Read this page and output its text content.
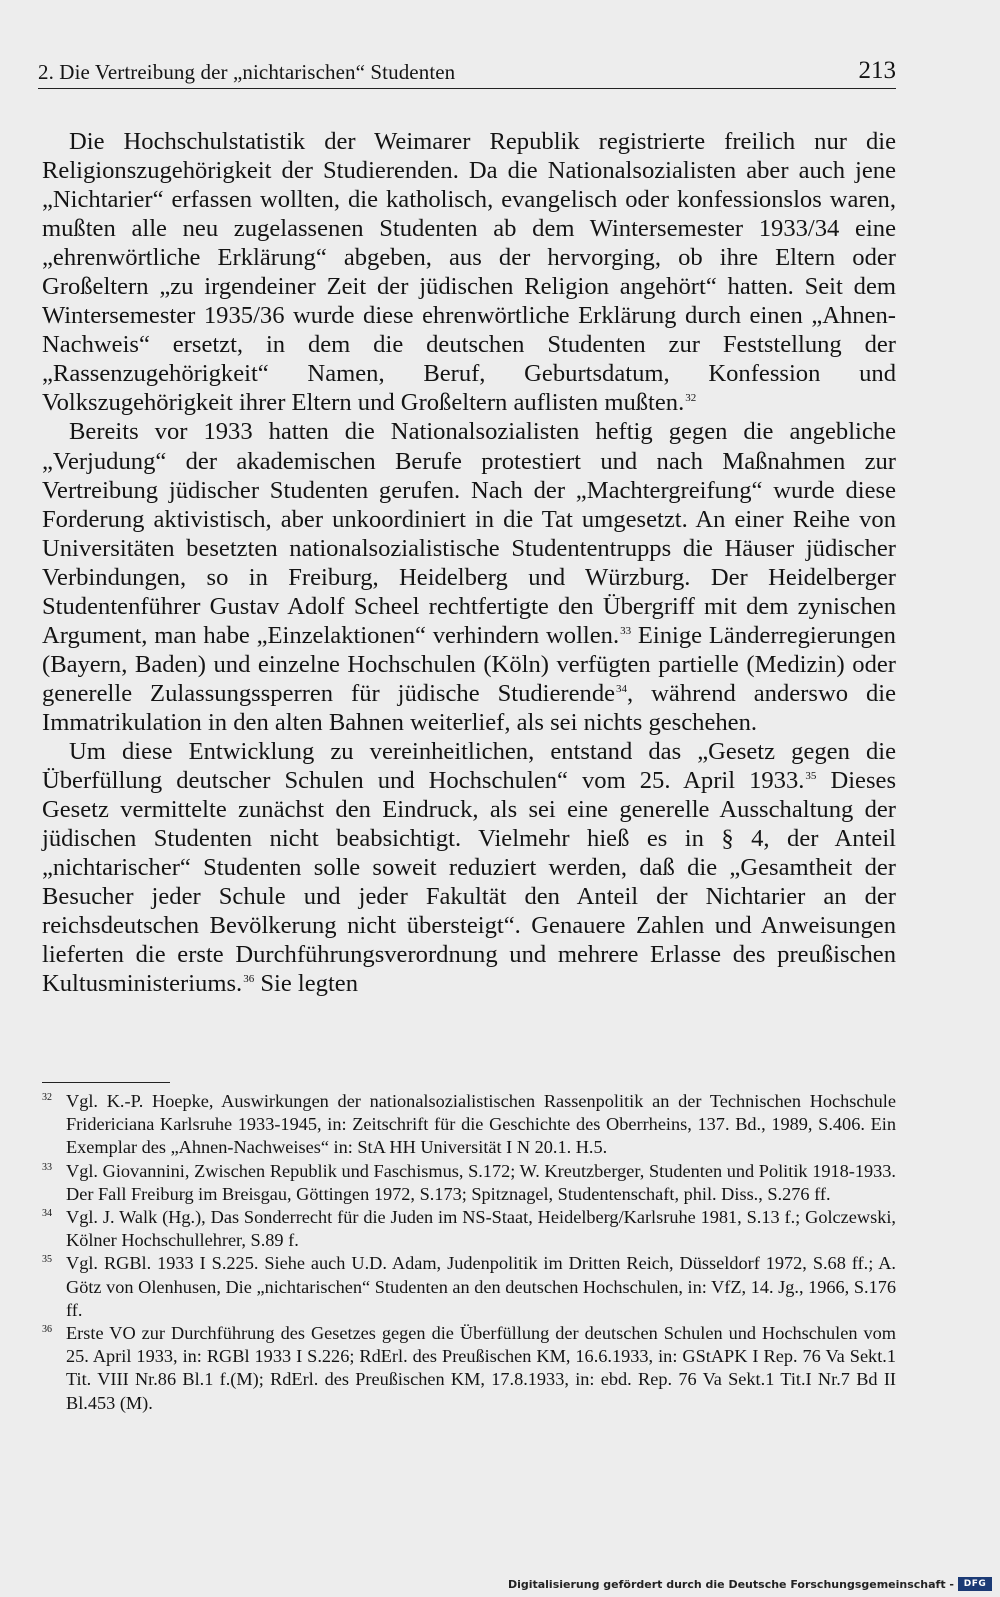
2. Die Vertreibung der „nichtarischen“ Studenten	213

Die Hochschulstatistik der Weimarer Republik registrierte freilich nur die Religionszugehörigkeit der Studierenden. Da die Nationalsozialisten aber auch jene „Nichtarier“ erfassen wollten, die katholisch, evangelisch oder konfessionslos waren, mußten alle neu zugelassenen Studenten ab dem Wintersemester 1933/34 eine „ehrenwörtliche Erklärung“ abgeben, aus der hervorging, ob ihre Eltern oder Großeltern „zu irgendeiner Zeit der jüdischen Religion angehört“ hatten. Seit dem Wintersemester 1935/36 wurde diese ehrenwörtliche Erklärung durch einen „Ahnen-Nachweis“ ersetzt, in dem die deutschen Studenten zur Feststellung der „Rassenzugehörigkeit“ Namen, Beruf, Geburtsdatum, Konfession und Volkszugehörigkeit ihrer Eltern und Großeltern auflisten mußten.$^{32}$

Bereits vor 1933 hatten die Nationalsozialisten heftig gegen die angebliche „Verjudung“ der akademischen Berufe protestiert und nach Maßnahmen zur Vertreibung jüdischer Studenten gerufen. Nach der „Machtergreifung“ wurde diese Forderung aktivistisch, aber unkoordiniert in die Tat umgesetzt. An einer Reihe von Universitäten besetzten nationalsozialistische Studententrupps die Häuser jüdischer Verbindungen, so in Freiburg, Heidelberg und Würzburg. Der Heidelberger Studentenführer Gustav Adolf Scheel rechtfertigte den Übergriff mit dem zynischen Argument, man habe „Einzelaktionen“ verhindern wollen.$^{33}$ Einige Länderregierungen (Bayern, Baden) und einzelne Hochschulen (Köln) verfügten partielle (Medizin) oder generelle Zulassungssperren für jüdische Studierende$^{34}$, während anderswo die Immatrikulation in den alten Bahnen weiterlief, als sei nichts geschehen.

Um diese Entwicklung zu vereinheitlichen, entstand das „Gesetz gegen die Überfüllung deutscher Schulen und Hochschulen“ vom 25. April 1933.35 Dieses Gesetz vermittelte zunächst den Eindruck, als sei eine generelle Ausschaltung der jüdischen Studenten nicht beabsichtigt. Vielmehr hieß es in § 4, der Anteil „nichtarischer“ Studenten solle soweit reduziert werden, daß die „Gesamtheit der Besucher jeder Schule und jeder Fakultät den Anteil der Nichtarier an der reichsdeutschen Bevölkerung nicht übersteigt“. Genauere Zahlen und Anweisungen lieferten die erste Durchführungsverordnung und mehrere Erlasse des preußischen Kultusministeriums.$^{36}$ Sie legten

32 Vgl. K.-P. Hoepke, Auswirkungen der nationalsozialistischen Rassenpolitik an der Technischen Hochschule Fridericiana Karlsruhe 1933-1945, in: Zeitschrift für die Geschichte des Oberrheins, 137. Bd., 1989, S.406. Ein Exemplar des „Ahnen-Nachweises“ in: StA HH Universität I N 20.1. H.5.
33 Vgl. Giovannini, Zwischen Republik und Faschismus, S.172; W. Kreutzberger, Studenten und Politik 1918-1933. Der Fall Freiburg im Breisgau, Göttingen 1972, S.173; Spitznagel, Studentenschaft, phil. Diss., S.276 ff.
34 Vgl. J. Walk (Hg.), Das Sonderrecht für die Juden im NS-Staat, Heidelberg/Karlsruhe 1981, S.13 f.; Golczewski, Kölner Hochschullehrer, S.89 f.
35 Vgl. RGBl. 1933 I S.225. Siehe auch U.D. Adam, Judenpolitik im Dritten Reich, Düsseldorf 1972, S.68 ff.; A. Götz von Olenhusen, Die „nichtarischen“ Studenten an den deutschen Hochschulen, in: VfZ, 14. Jg., 1966, S.176 ff.
36 Erste VO zur Durchführung des Gesetzes gegen die Überfüllung der deutschen Schulen und Hochschulen vom 25. April 1933, in: RGBl 1933 I S.226; RdErl. des Preußischen KM, 16.6.1933, in: GStAPK I Rep. 76 Va Sekt.1 Tit. VIII Nr.86 Bl.1 f.(M); RdErl. des Preußischen KM, 17.8.1933, in: ebd. Rep. 76 Va Sekt.1 Tit.I Nr.7 Bd II Bl.453 (M).
Digitalisierung gefördert durch die Deutsche Forschungsgemeinschaft -	DFG
